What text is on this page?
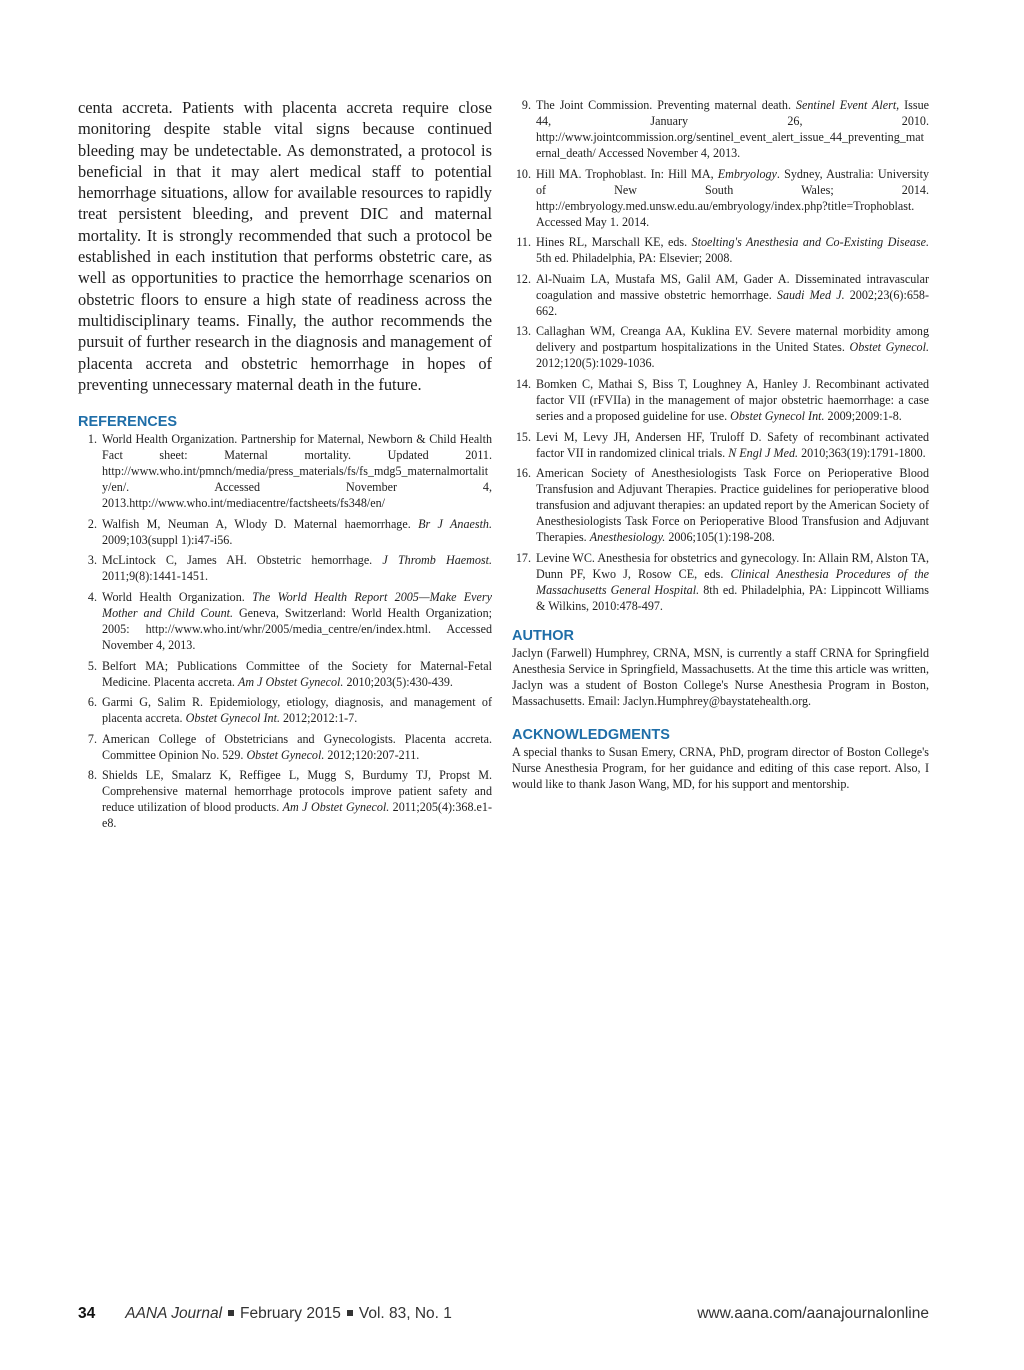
centa accreta. Patients with placenta accreta require close monitoring despite stable vital signs because continued bleeding may be undetectable. As demonstrated, a protocol is beneficial in that it may alert medical staff to potential hemorrhage situations, allow for available resources to rapidly treat persistent bleeding, and prevent DIC and maternal mortality. It is strongly recommended that such a protocol be established in each institution that performs obstetric care, as well as opportunities to practice the hemorrhage scenarios on obstetric floors to ensure a high state of readiness across the multidisciplinary teams. Finally, the author recommends the pursuit of further research in the diagnosis and management of placenta accreta and obstetric hemorrhage in hopes of preventing unnecessary maternal death in the future.

REFERENCES
1. World Health Organization. Partnership for Maternal, Newborn & Child Health Fact sheet: Maternal mortality. Updated 2011. http://www.who.int/pmnch/media/press_materials/fs/fs_mdg5_maternalmortality/en/. Accessed November 4, 2013.http://www.who.int/mediacentre/factsheets/fs348/en/
2. Walfish M, Neuman A, Wlody D. Maternal haemorrhage. Br J Anaesth. 2009;103(suppl 1):i47-i56.
3. McLintock C, James AH. Obstetric hemorrhage. J Thromb Haemost. 2011;9(8):1441-1451.
4. World Health Organization. The World Health Report 2005—Make Every Mother and Child Count. Geneva, Switzerland: World Health Organization; 2005: http://www.who.int/whr/2005/media_centre/en/index.html. Accessed November 4, 2013.
5. Belfort MA; Publications Committee of the Society for Maternal-Fetal Medicine. Placenta accreta. Am J Obstet Gynecol. 2010;203(5):430-439.
6. Garmi G, Salim R. Epidemiology, etiology, diagnosis, and management of placenta accreta. Obstet Gynecol Int. 2012;2012:1-7.
7. American College of Obstetricians and Gynecologists. Placenta accreta. Committee Opinion No. 529. Obstet Gynecol. 2012;120:207-211.
8. Shields LE, Smalarz K, Reffigee L, Mugg S, Burdumy TJ, Propst M. Comprehensive maternal hemorrhage protocols improve patient safety and reduce utilization of blood products. Am J Obstet Gynecol. 2011;205(4):368.e1-e8.
9. The Joint Commission. Preventing maternal death. Sentinel Event Alert, Issue 44, January 26, 2010. http://www.jointcommission.org/sentinel_event_alert_issue_44_preventing_maternal_death/ Accessed November 4, 2013.
10. Hill MA. Trophoblast. In: Hill MA, Embryology. Sydney, Australia: University of New South Wales; 2014. http://embryology.med.unsw.edu.au/embryology/index.php?title=Trophoblast. Accessed May 1. 2014.
11. Hines RL, Marschall KE, eds. Stoelting's Anesthesia and Co-Existing Disease. 5th ed. Philadelphia, PA: Elsevier; 2008.
12. Al-Nuaim LA, Mustafa MS, Galil AM, Gader A. Disseminated intravascular coagulation and massive obstetric hemorrhage. Saudi Med J. 2002;23(6):658-662.
13. Callaghan WM, Creanga AA, Kuklina EV. Severe maternal morbidity among delivery and postpartum hospitalizations in the United States. Obstet Gynecol. 2012;120(5):1029-1036.
14. Bomken C, Mathai S, Biss T, Loughney A, Hanley J. Recombinant activated factor VII (rFVIIa) in the management of major obstetric haemorrhage: a case series and a proposed guideline for use. Obstet Gynecol Int. 2009;2009:1-8.
15. Levi M, Levy JH, Andersen HF, Truloff D. Safety of recombinant activated factor VII in randomized clinical trials. N Engl J Med. 2010;363(19):1791-1800.
16. American Society of Anesthesiologists Task Force on Perioperative Blood Transfusion and Adjuvant Therapies. Practice guidelines for perioperative blood transfusion and adjuvant therapies: an updated report by the American Society of Anesthesiologists Task Force on Perioperative Blood Transfusion and Adjuvant Therapies. Anesthesiology. 2006;105(1):198-208.
17. Levine WC. Anesthesia for obstetrics and gynecology. In: Allain RM, Alston TA, Dunn PF, Kwo J, Rosow CE, eds. Clinical Anesthesia Procedures of the Massachusetts General Hospital. 8th ed. Philadelphia, PA: Lippincott Williams & Wilkins, 2010:478-497.
AUTHOR

Jaclyn (Farwell) Humphrey, CRNA, MSN, is currently a staff CRNA for Springfield Anesthesia Service in Springfield, Massachusetts. At the time this article was written, Jaclyn was a student of Boston College's Nurse Anesthesia Program in Boston, Massachusetts. Email: Jaclyn.Humphrey@baystatehealth.org.

ACKNOWLEDGMENTS

A special thanks to Susan Emery, CRNA, PhD, program director of Boston College's Nurse Anesthesia Program, for her guidance and editing of this case report. Also, I would like to thank Jason Wang, MD, for his support and mentorship.

34 AANA Journal February 2015 Vol. 83, No. 1	www.aana.com/aanajournalonline
